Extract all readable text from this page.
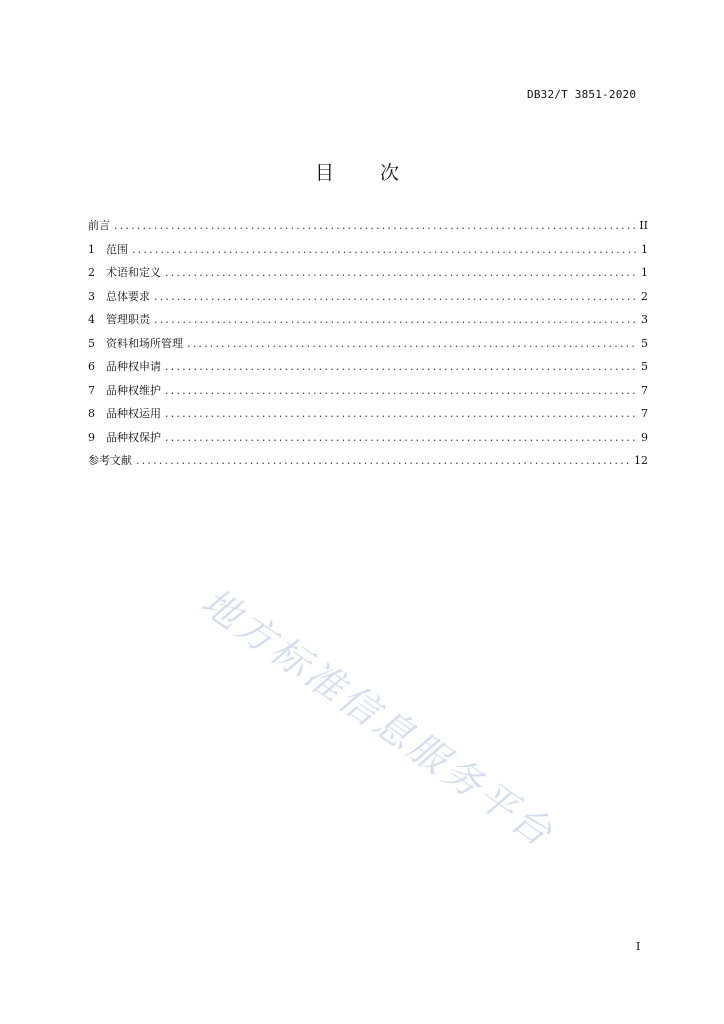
DB32/T 3851-2020
目 次
前言 .....	II
1	范围 .....	1
2	术语和定义 .....	1
3	总体要求 .....	2
4	管理职责 .....	3
5	资料和场所管理 .....	5
6	品种权申请 .....	5
7	品种权维护 .....	7
8	品种权运用 .....	7
9	品种权保护 .....	9
参考文献 .....	12
地方标准信息服务平台
I
